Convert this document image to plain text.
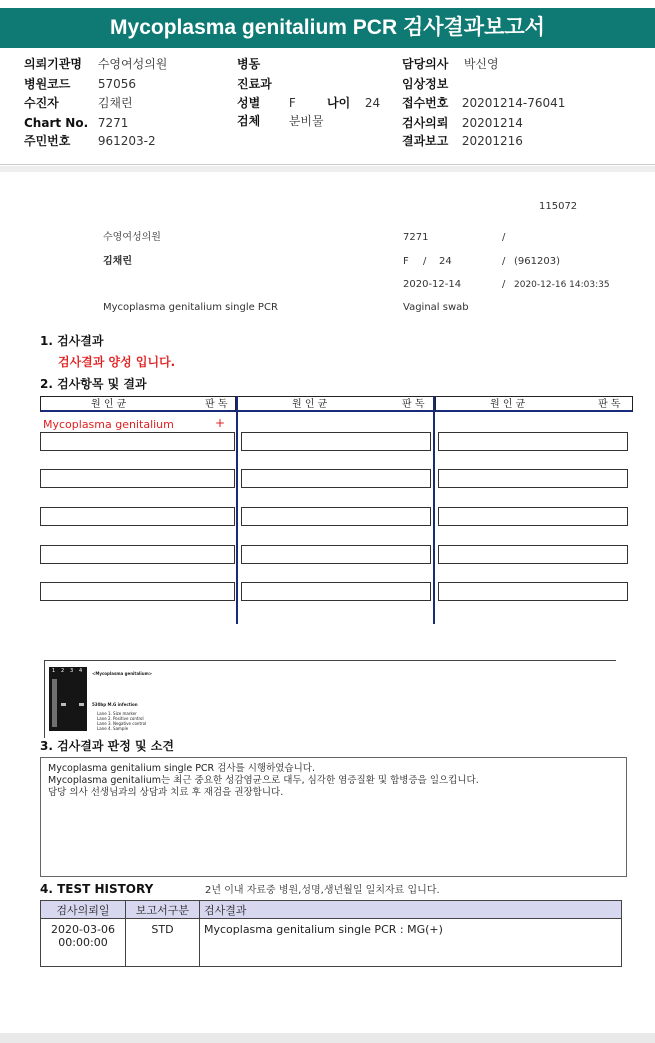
Mycoplasma genitalium PCR 검사결과보고서
의뢰기관명 수영여성의원	병동	담당의사 박신영
병원코드 57056	진료과	임상정보
수진자	김채린	성별 F	나이 24 접수번호 20201214-76041
Chart No. 7271	검체 분비물	검사의뢰 20201214
주민번호 961203-2	결과보고 20201216
115072
수영여성의원	7271	/
김채린	F / 24	/ (961203)
2020-12-14	/ 2020-12-16 14:03:35
Mycoplasma genitalium single PCR	Vaginal swab
1. 검사결과
검사결과 양성 입니다.
2. 검사항목 및 결과
원 인 균	판 독	원 인 균	판 독	원 인 균	판 독
Mycoplasma genitalium	+
1 2 3 4 <Mycoplasma genitalium>
530bp M.G infection
Lane 1. Size marker
Lane 2. Positive control
Lane 3. Negative control
Lane 4. Sample
3. 검사결과 판정 및 소견
Mycoplasma genitalium single PCR 검사를 시행하였습니다.
Mycoplasma genitalium는 최근 중요한 성감염균으로 대두, 심각한 염증질환 및 합병증을 일으킵니다.
담당 의사 선생님과의 상담과 치료 후 재검을 권장합니다.
4. TEST HISTORY	2년 이내 자료중 병원,성명,생년월일 일치자료 입니다.
검사의뢰일	보고서구분	검사결과

2020-03-06
00:00:00	STD	Mycoplasma genitalium single PCR : MG(+)
